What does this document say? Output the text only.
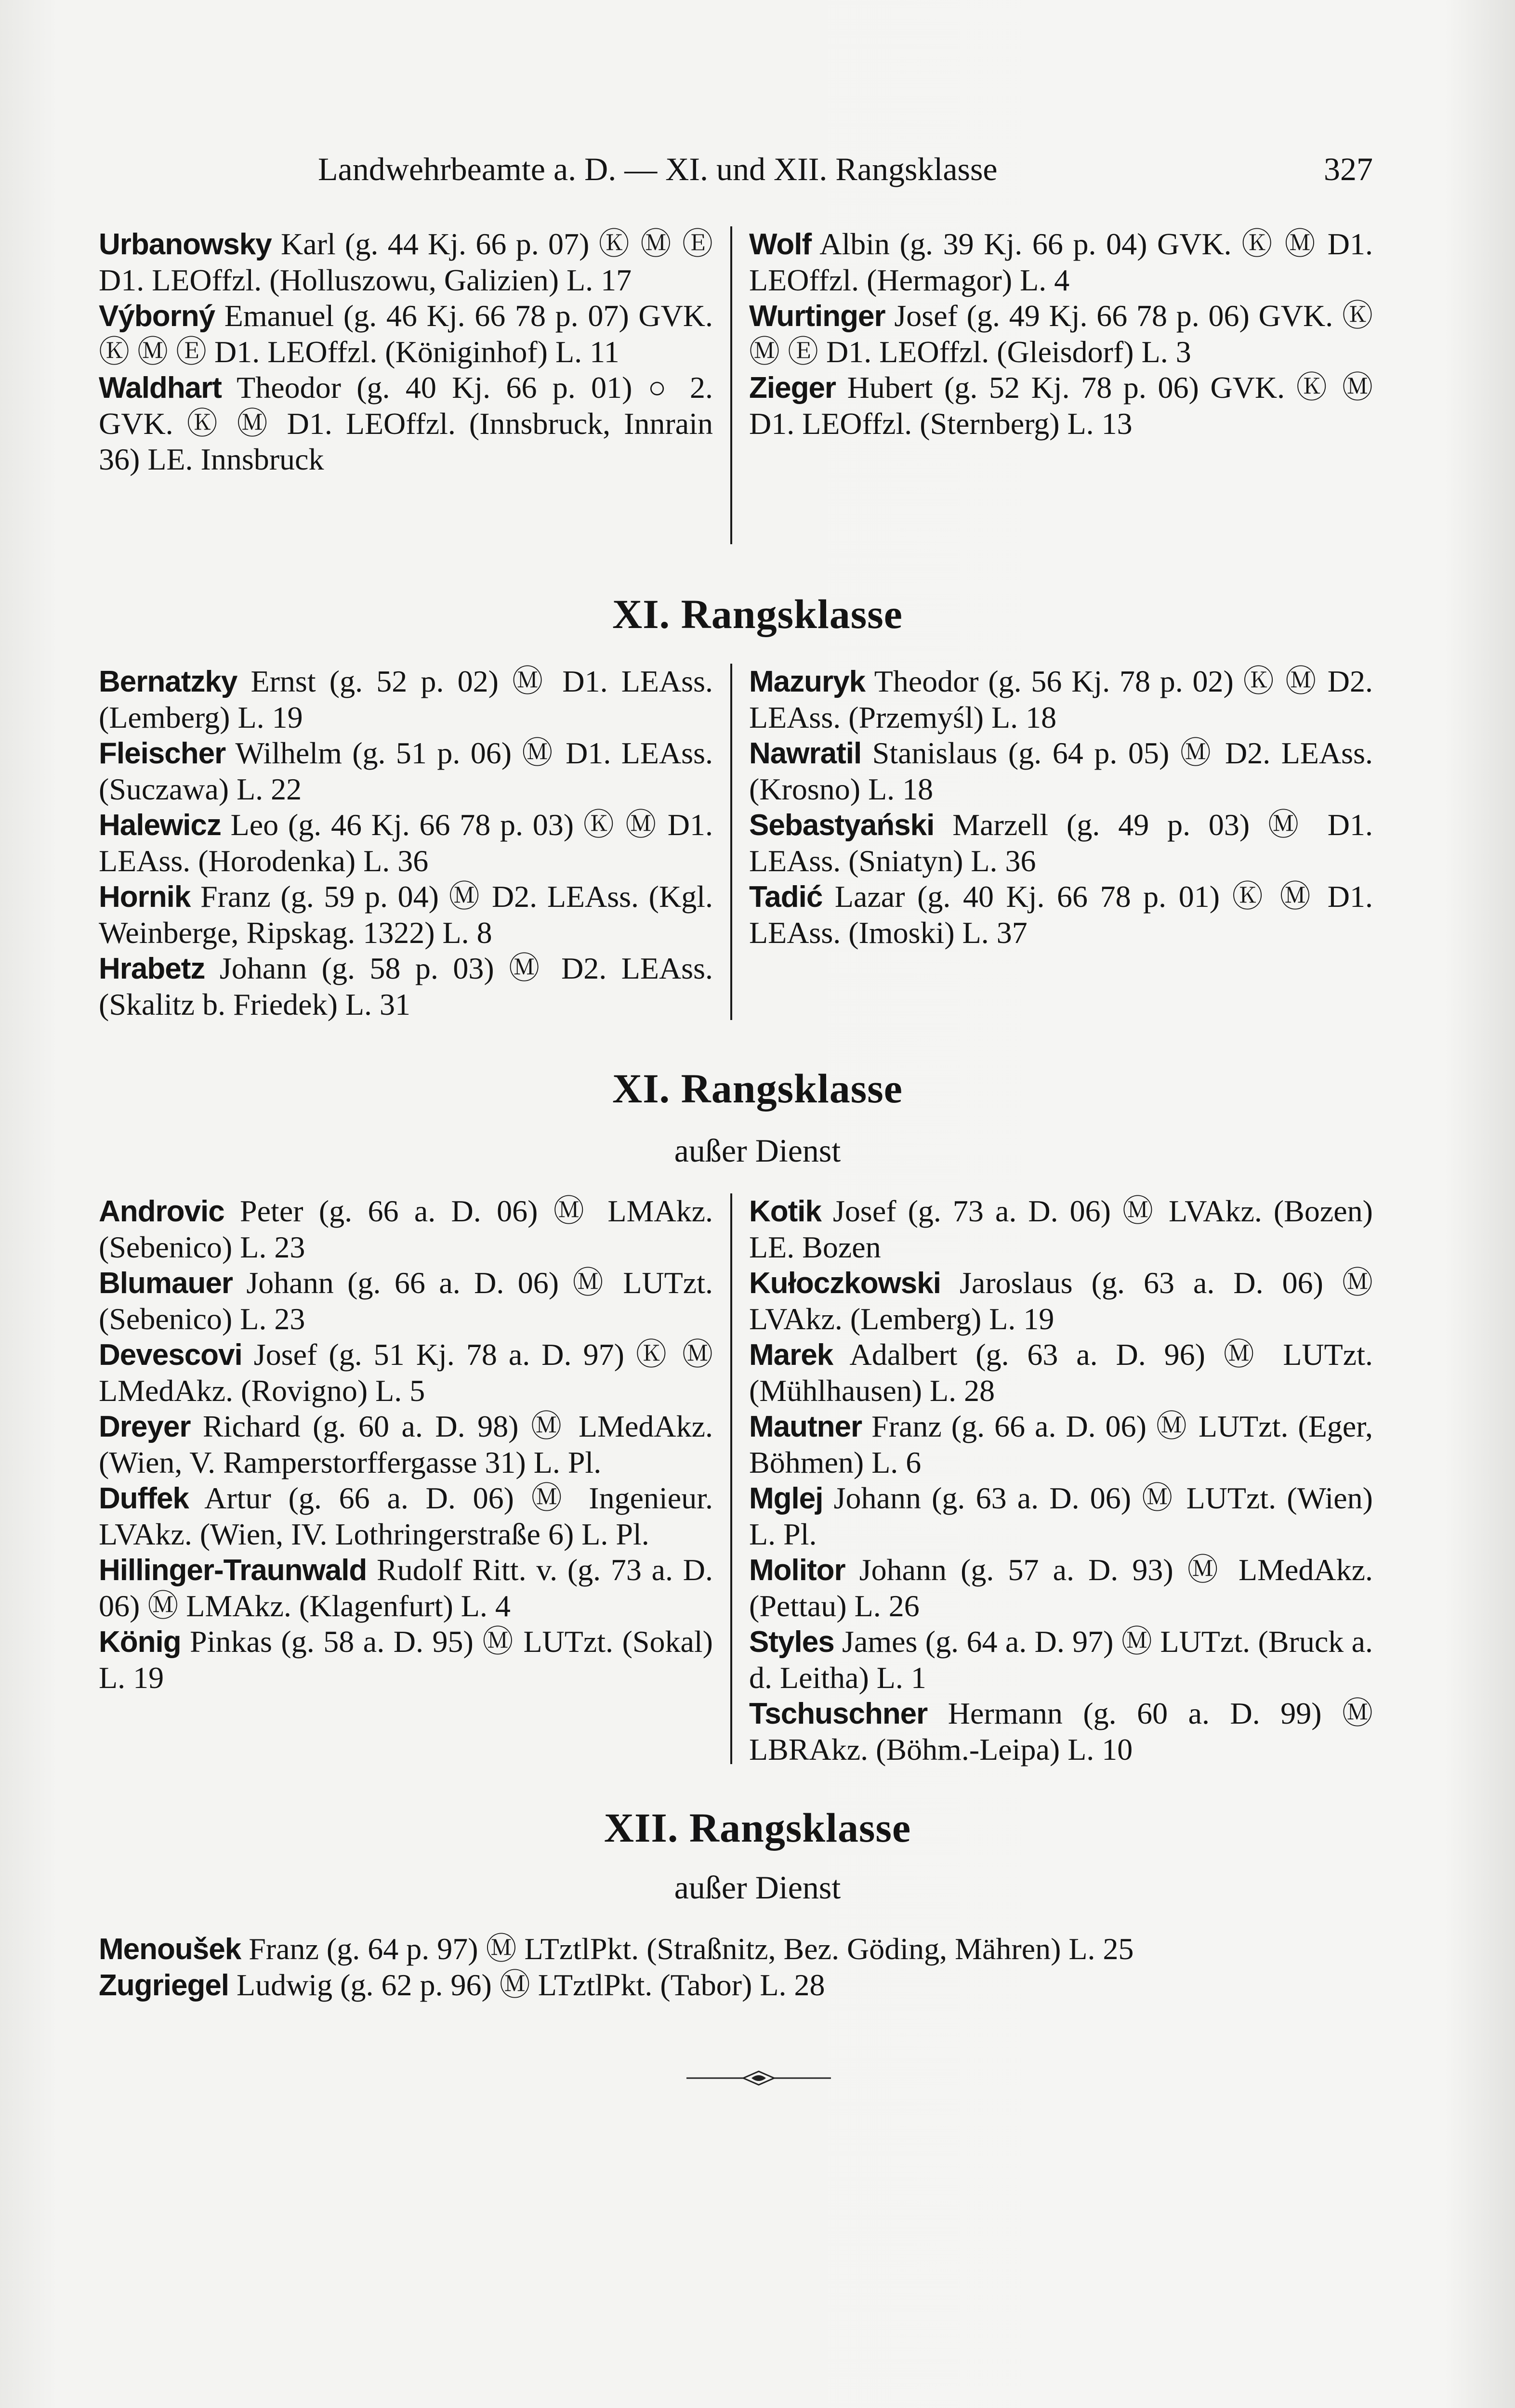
Landwehrbeamte a. D. — XI. und XII. Rangsklasse	327

Urbanowsky Karl (g. 44 Kj. 66 p. 07) Ⓚ Ⓜ Ⓔ D1. LEOffzl. (Holluszowu, Galizien) L. 17

Výborný Emanuel (g. 46 Kj. 66 78 p. 07) GVK. Ⓚ Ⓜ Ⓔ D1. LEOffzl. (Königinhof) L. 11

Waldhart Theodor (g. 40 Kj. 66 p. 01) ○ 2. GVK. Ⓚ Ⓜ D1. LEOffzl. (Innsbruck, Innrain 36) LE. Innsbruck

Wolf Albin (g. 39 Kj. 66 p. 04) GVK. Ⓚ Ⓜ D1. LEOffzl. (Hermagor) L. 4

Wurtinger Josef (g. 49 Kj. 66 78 p. 06) GVK. Ⓚ Ⓜ Ⓔ D1. LEOffzl. (Gleisdorf) L. 3

Zieger Hubert (g. 52 Kj. 78 p. 06) GVK. Ⓚ Ⓜ D1. LEOffzl. (Sternberg) L. 13

XI. Rangsklasse

Bernatzky Ernst (g. 52 p. 02) Ⓜ D1. LEAss. (Lemberg) L. 19

Fleischer Wilhelm (g. 51 p. 06) Ⓜ D1. LEAss. (Suczawa) L. 22

Halewicz Leo (g. 46 Kj. 66 78 p. 03) Ⓚ Ⓜ D1. LEAss. (Horodenka) L. 36

Hornik Franz (g. 59 p. 04) Ⓜ D2. LEAss. (Kgl. Weinberge, Ripskag. 1322) L. 8

Hrabetz Johann (g. 58 p. 03) Ⓜ D2. LEAss. (Skalitz b. Friedek) L. 31

Mazuryk Theodor (g. 56 Kj. 78 p. 02) Ⓚ Ⓜ D2. LEAss. (Przemyśl) L. 18

Nawratil Stanislaus (g. 64 p. 05) Ⓜ D2. LEAss. (Krosno) L. 18

Sebastyański Marzell (g. 49 p. 03) Ⓜ D1. LEAss. (Sniatyn) L. 36

Tadić Lazar (g. 40 Kj. 66 78 p. 01) Ⓚ Ⓜ D1. LEAss. (Imoski) L. 37

XI. Rangsklasse
außer Dienst

Androvic Peter (g. 66 a. D. 06) Ⓜ LMAkz. (Sebenico) L. 23

Blumauer Johann (g. 66 a. D. 06) Ⓜ LUTzt. (Sebenico) L. 23

Devescovi Josef (g. 51 Kj. 78 a. D. 97) Ⓚ Ⓜ LMedAkz. (Rovigno) L. 5

Dreyer Richard (g. 60 a. D. 98) Ⓜ LMedAkz. (Wien, V. Ramperstorffergasse 31) L. Pl.

Duffek Artur (g. 66 a. D. 06) Ⓜ Ingenieur. LVAkz. (Wien, IV. Lothringerstraße 6) L. Pl.

Hillinger-Traunwald Rudolf Ritt. v. (g. 73 a. D. 06) Ⓜ LMAkz. (Klagenfurt) L. 4

König Pinkas (g. 58 a. D. 95) Ⓜ LUTzt. (Sokal) L. 19

Kotik Josef (g. 73 a. D. 06) Ⓜ LVAkz. (Bozen) LE. Bozen

Kułoczkowski Jaroslaus (g. 63 a. D. 06) Ⓜ LVAkz. (Lemberg) L. 19

Marek Adalbert (g. 63 a. D. 96) Ⓜ LUTzt. (Mühlhausen) L. 28

Mautner Franz (g. 66 a. D. 06) Ⓜ LUTzt. (Eger, Böhmen) L. 6

Mglej Johann (g. 63 a. D. 06) Ⓜ LUTzt. (Wien) L. Pl.

Molitor Johann (g. 57 a. D. 93) Ⓜ LMedAkz. (Pettau) L. 26

Styles James (g. 64 a. D. 97) Ⓜ LUTzt. (Bruck a. d. Leitha) L. 1

Tschuschner Hermann (g. 60 a. D. 99) Ⓜ LBRAkz. (Böhm.-Leipa) L. 10

XII. Rangsklasse
außer Dienst

Menoušek Franz (g. 64 p. 97) Ⓜ LTztlPkt. (Straßnitz, Bez. Göding, Mähren) L. 25

Zugriegel Ludwig (g. 62 p. 96) Ⓜ LTztlPkt. (Tabor) L. 28
